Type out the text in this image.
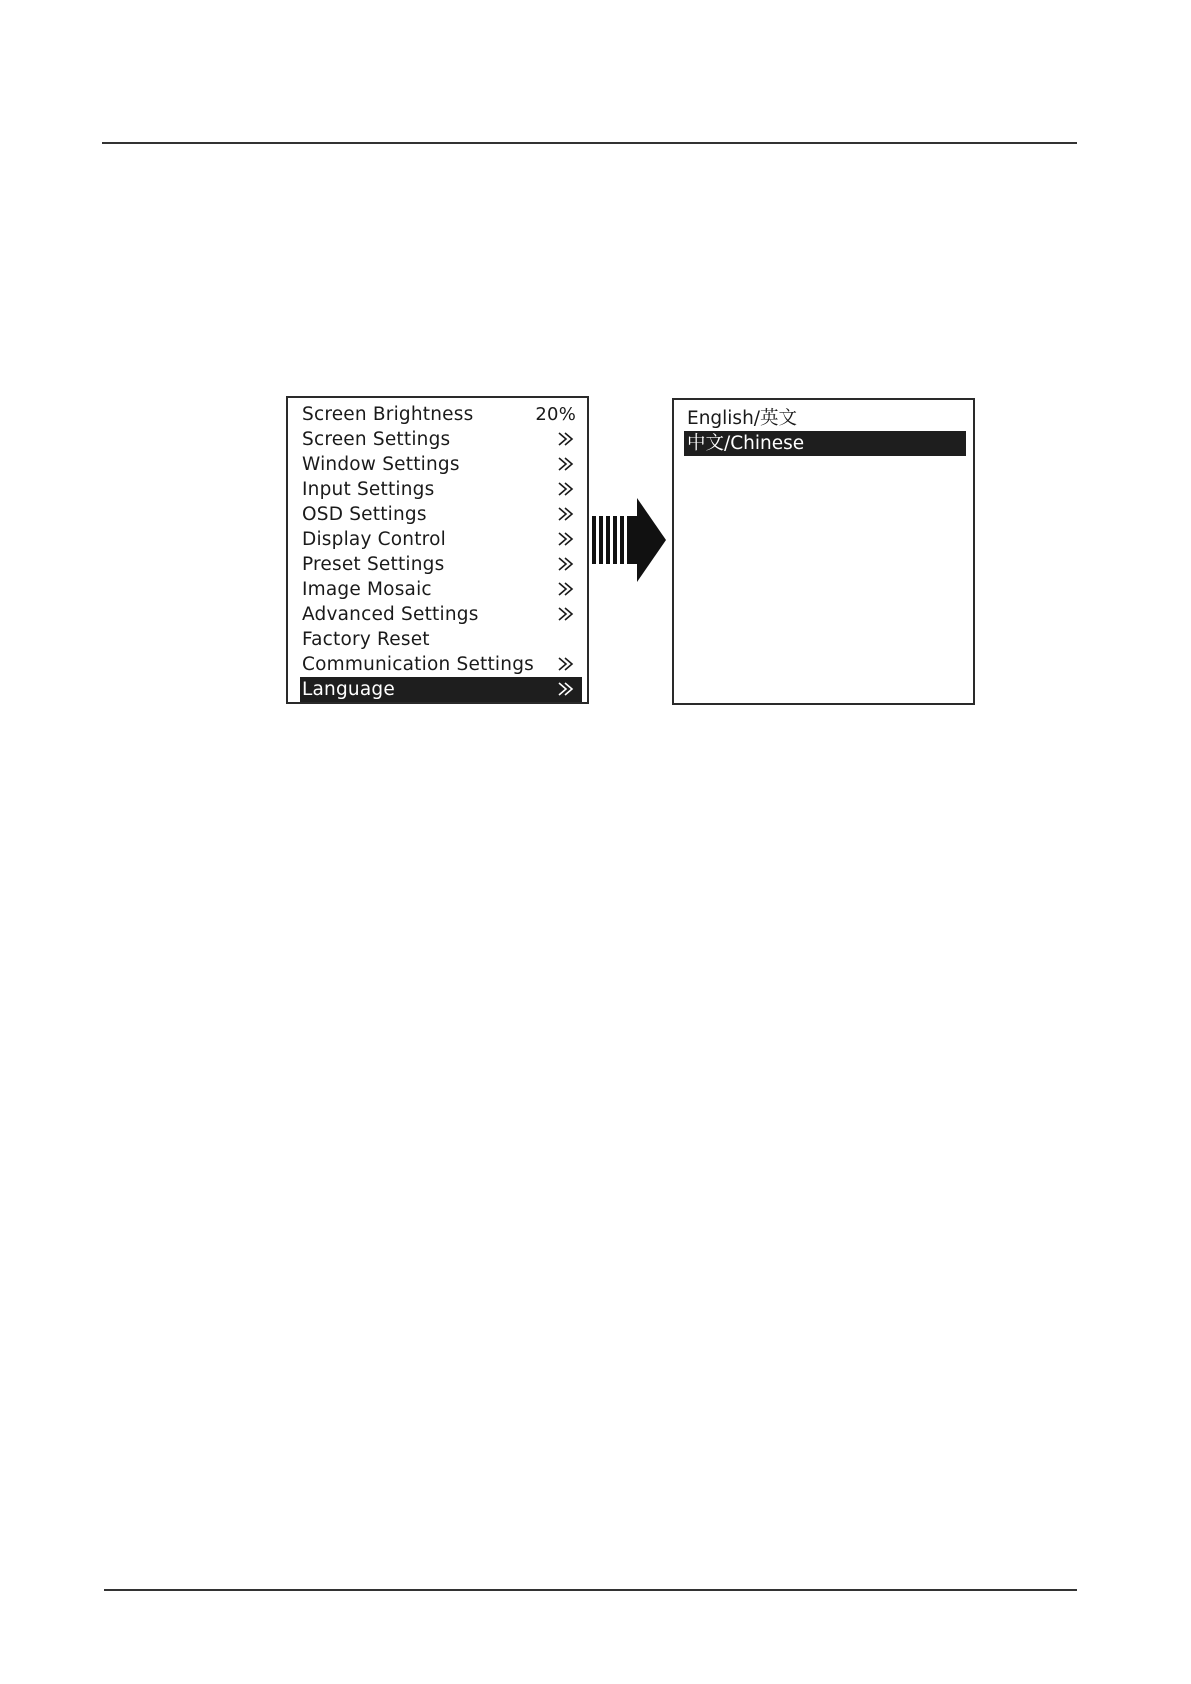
Screen Brightness	20%
Screen Settings
Window Settings
Input Settings
OSD Settings
Display Control
Preset Settings
Image Mosaic
Advanced Settings
Factory Reset
Communication Settings
Language
English/英文
中文/Chinese
